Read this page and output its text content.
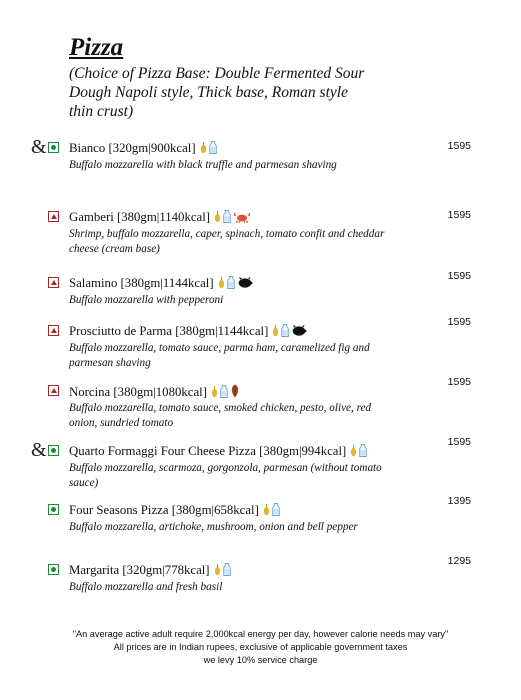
Pizza

(Choice of Pizza Base: Double Fermented Sour Dough Napoli style, Thick base, Roman style thin crust)

& Bianco [320gm|900kcal]
Buffalo mozzarella with black truffle and parmesan shaving
1595
Gamberi [380gm|1140kcal]
Shrimp, buffalo mozzarella, caper, spinach, tomato confit and cheddar cheese (cream base)
1595
Salamino [380gm|1144kcal]
Buffalo mozzarella with pepperoni
1595
Prosciutto de Parma [380gm|1144kcal]
Buffalo mozzarella, tomato sauce, parma ham, caramelized fig and parmesan shaving
1595
Norcina [380gm|1080kcal]
Buffalo mozzarella, tomato sauce, smoked chicken, pesto, olive, red onion, sundried tomato
1595
& Quarto Formaggi Four Cheese Pizza [380gm|994kcal]
Buffalo mozzarella, scarmoza, gorgonzola, parmesan (without tomato sauce)
1595
Four Seasons Pizza [380gm|658kcal]
Buffalo mozzarella, artichoke, mushroom, onion and bell pepper
1395
Margarita [320gm|778kcal]
Buffalo mozzarella and fresh basil
1295
"An average active adult require 2,000kcal energy per day, however calorie needs may vary"
All prices are in Indian rupees, exclusive of applicable government taxes
we levy 10% service charge
